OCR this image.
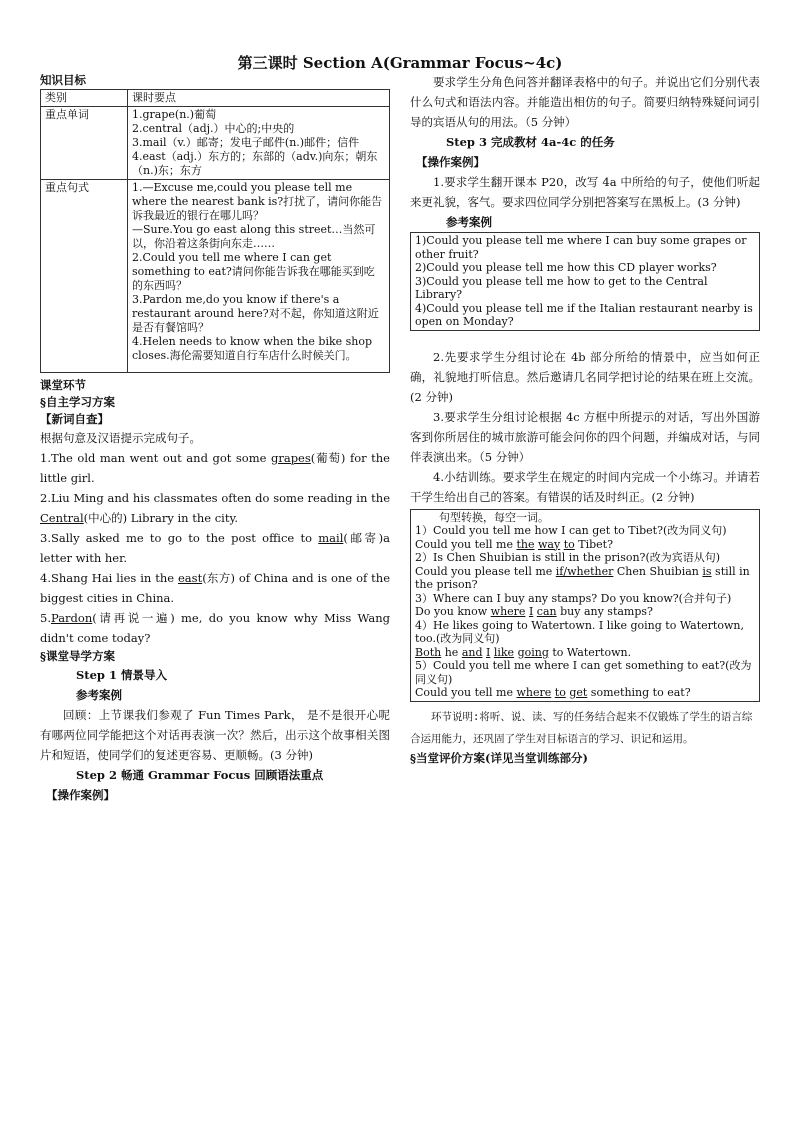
第三课时 Section A(Grammar Focus~4c)
知识目标
类别	课时要点
重点单词	1.grape(n.)葡萄
2.central（adj.）中心的;中央的
3.mail（v.）邮寄；发电子邮件(n.)邮件；信件
4.east（adj.）东方的；东部的（adv.)向东；朝东（n.)东；东方

重点句式	1.—Excuse me,could you please tell me where the nearest bank is?打扰了，请问你能告诉我最近的银行在哪儿吗？
—Sure.You go east along this street…当然可以，你沿着这条街向东走……
2.Could you tell me where I can get something to eat?请问你能告诉我在哪能买到吃的东西吗？
3.Pardon me,do you know if there's a restaurant around here?对不起，你知道这附近是否有餐馆吗？
4.Helen needs to know when the bike shop closes.海伦需要知道自行车店什么时候关门。
课堂环节
§自主学习方案
【新词自查】

根据句意及汉语提示完成句子。

1.The old man went out and got some grapes(葡萄) for the little girl.

2.Liu Ming and his classmates often do some reading in the Central(中心的) Library in the city.

3.Sally asked me to go to the post office to mail(邮寄)a letter with her.

4.Shang Hai lies in the east(东方) of China and is one of the biggest cities in China.

5.Pardon(请再说一遍) me, do you know why Miss Wang didn't come today?

§课堂导学方案

Step 1 情景导入

参考案例

回顾：上节课我们参观了 Fun Times Park， 是不是很开心呢有哪两位同学能把这个对话再表演一次？然后，出示这个故事相关图片和短语，使同学们的复述更容易、更顺畅。(3 分钟)

Step 2 畅通 Grammar Focus 回顾语法重点

【操作案例】

要求学生分角色问答并翻译表格中的句子。并说出它们分别代表什么句式和语法内容。并能造出相仿的句子。简要归纳特殊疑问词引导的宾语从句的用法。（5 分钟）

Step 3 完成教材 4a-4c 的任务

【操作案例】

1.要求学生翻开课本 P20，改写 4a 中所给的句子，使他们听起来更礼貌，客气。要求四位同学分别把答案写在黑板上。(3 分钟)

参考案例

1)Could you please tell me where I can buy some grapes or other fruit?
2)Could you please tell me how this CD player works?
3)Could you please tell me how to get to the Central Library?
4)Could you please tell me if the Italian restaurant nearby is open on Monday?

2.先要求学生分组讨论在 4b 部分所给的情景中，应当如何正确，礼貌地打听信息。然后邀请几名同学把讨论的结果在班上交流。(2 分钟)

3.要求学生分组讨论根据 4c 方框中所提示的对话，写出外国游客到你所居住的城市旅游可能会问你的四个问题，并编成对话，与同伴表演出来。（5 分钟）

4.小结训练。要求学生在规定的时间内完成一个小练习。并请若干学生给出自己的答案。有错误的话及时纠正。(2 分钟)

句型转换，每空一词。
1）Could you tell me how I can get to Tibet?(改为同义句)
Could you tell me the way to Tibet?
2）Is Chen Shuibian is still in the prison?(改为宾语从句)
Could you please tell me if/whether Chen Shuibian is still in the prison?
3）Where can I buy any stamps? Do you know?(合并句子)
Do you know where I can buy any stamps?
4）He likes going to Watertown. I like going to Watertown, too.(改为同义句)
Both he and I like going to Watertown.
5）Could you tell me where I can get something to eat?(改为同义句)
Could you tell me where to get something to eat?

环节说明:将听、说、读、写的任务结合起来不仅锻炼了学生的语言综合运用能力，还巩固了学生对目标语言的学习、识记和运用。

§当堂评价方案(详见当堂训练部分)
